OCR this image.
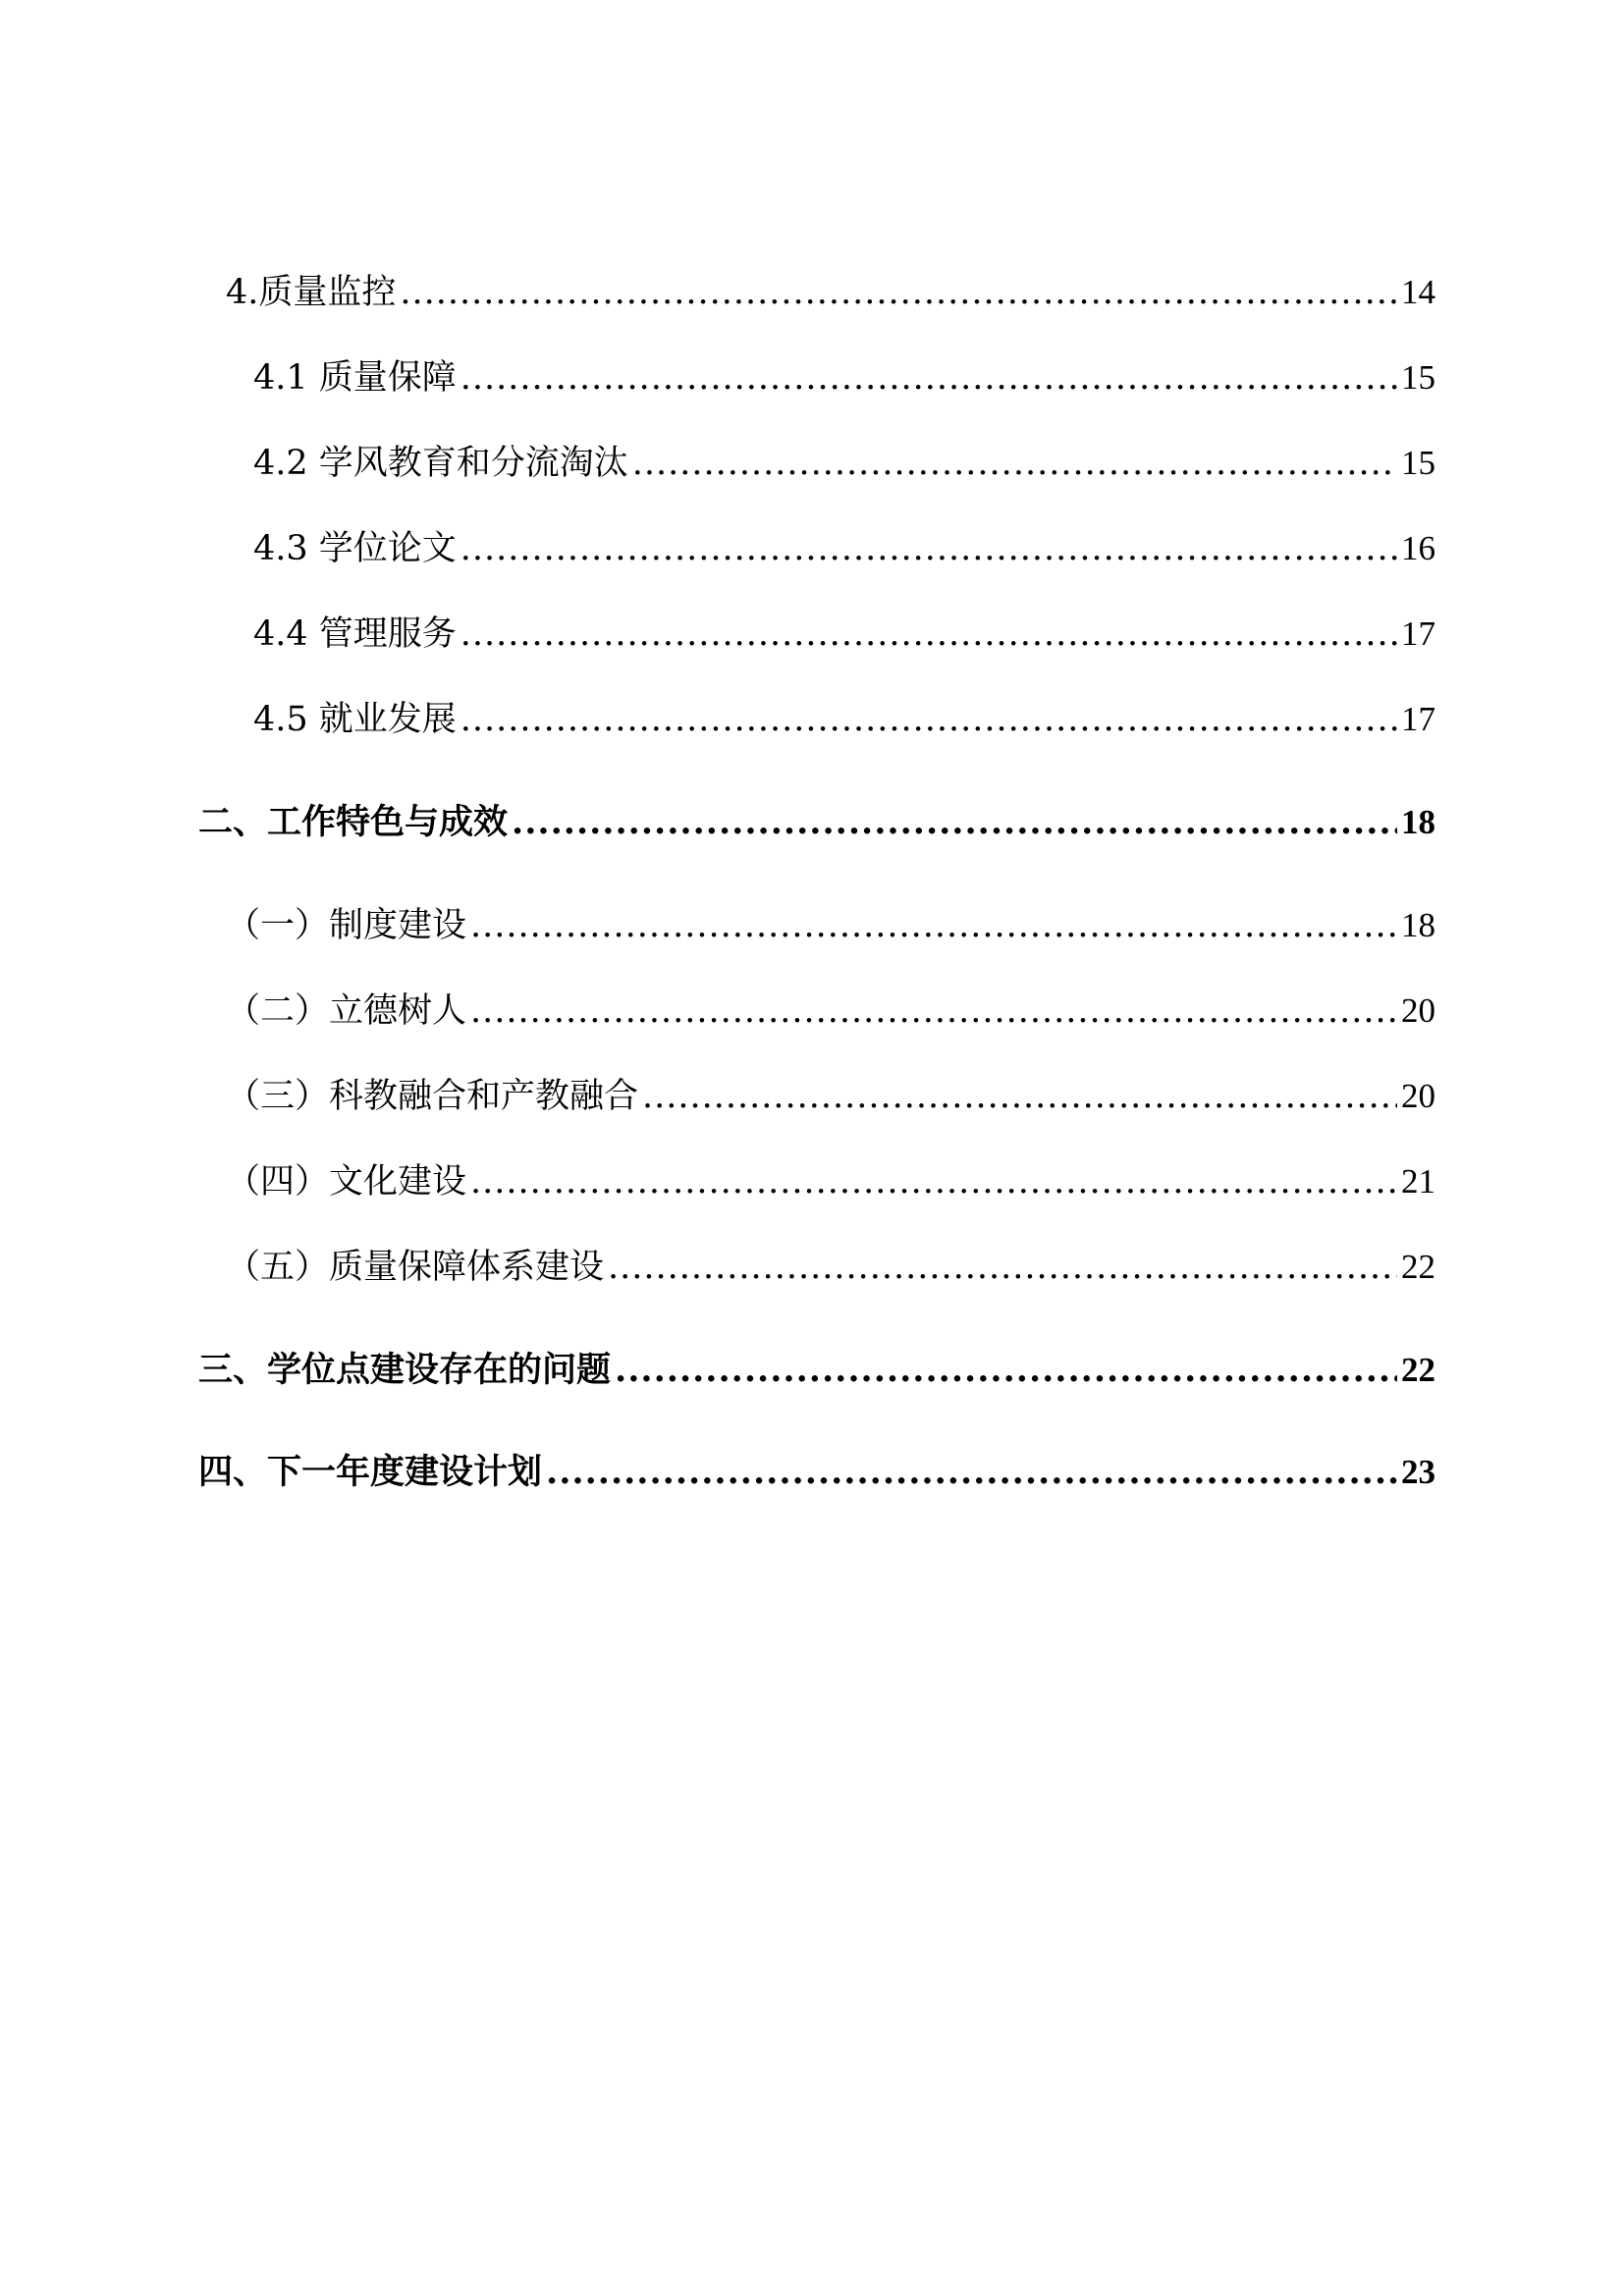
4.质量监控 .....	14
4.1 质量保障 .....	15
4.2 学风教育和分流淘汰 .....	15
4.3 学位论文 .....	16
4.4 管理服务 .....	17
4.5 就业发展 .....	17
二、工作特色与成效 .....	18
（一）制度建设 .....	18
（二）立德树人 .....	20
（三）科教融合和产教融合 .....	20
（四）文化建设 .....	21
（五）质量保障体系建设 .....	22
三、学位点建设存在的问题 .....	22
四、下一年度建设计划 .....	23
